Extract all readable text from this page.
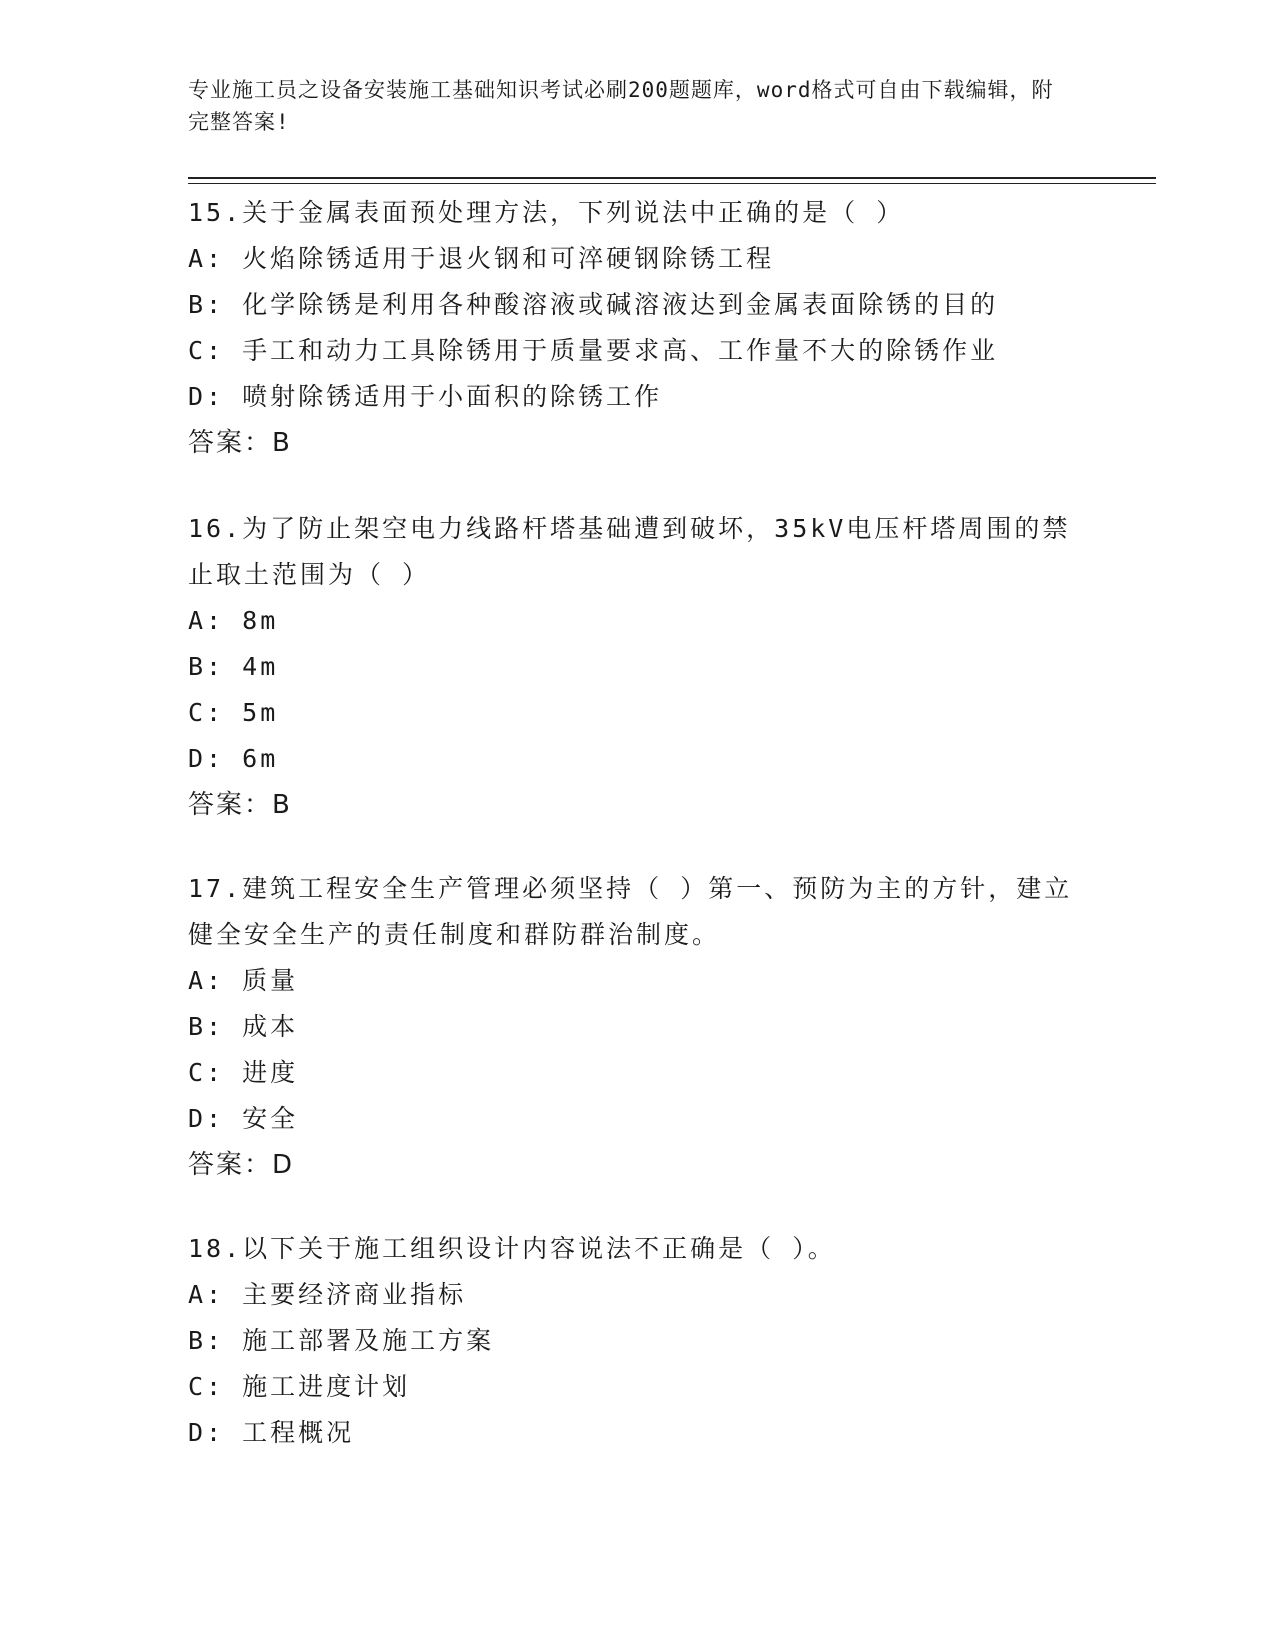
专业施工员之设备安装施工基础知识考试必刷200题题库，word格式可自由下载编辑，附完整答案!
15.关于金属表面预处理方法，下列说法中正确的是（ ）
A: 火焰除锈适用于退火钢和可淬硬钢除锈工程
B: 化学除锈是利用各种酸溶液或碱溶液达到金属表面除锈的目的
C: 手工和动力工具除锈用于质量要求高、工作量不大的除锈作业
D: 喷射除锈适用于小面积的除锈工作
答案：B
16.为了防止架空电力线路杆塔基础遭到破坏，35kV电压杆塔周围的禁止取土范围为（ ）
A: 8m
B: 4m
C: 5m
D: 6m
答案：B
17.建筑工程安全生产管理必须坚持（ ）第一、预防为主的方针，建立健全安全生产的责任制度和群防群治制度。
A: 质量
B: 成本
C: 进度
D: 安全
答案：D
18.以下关于施工组织设计内容说法不正确是（ ）。
A: 主要经济商业指标
B: 施工部署及施工方案
C: 施工进度计划
D: 工程概况
